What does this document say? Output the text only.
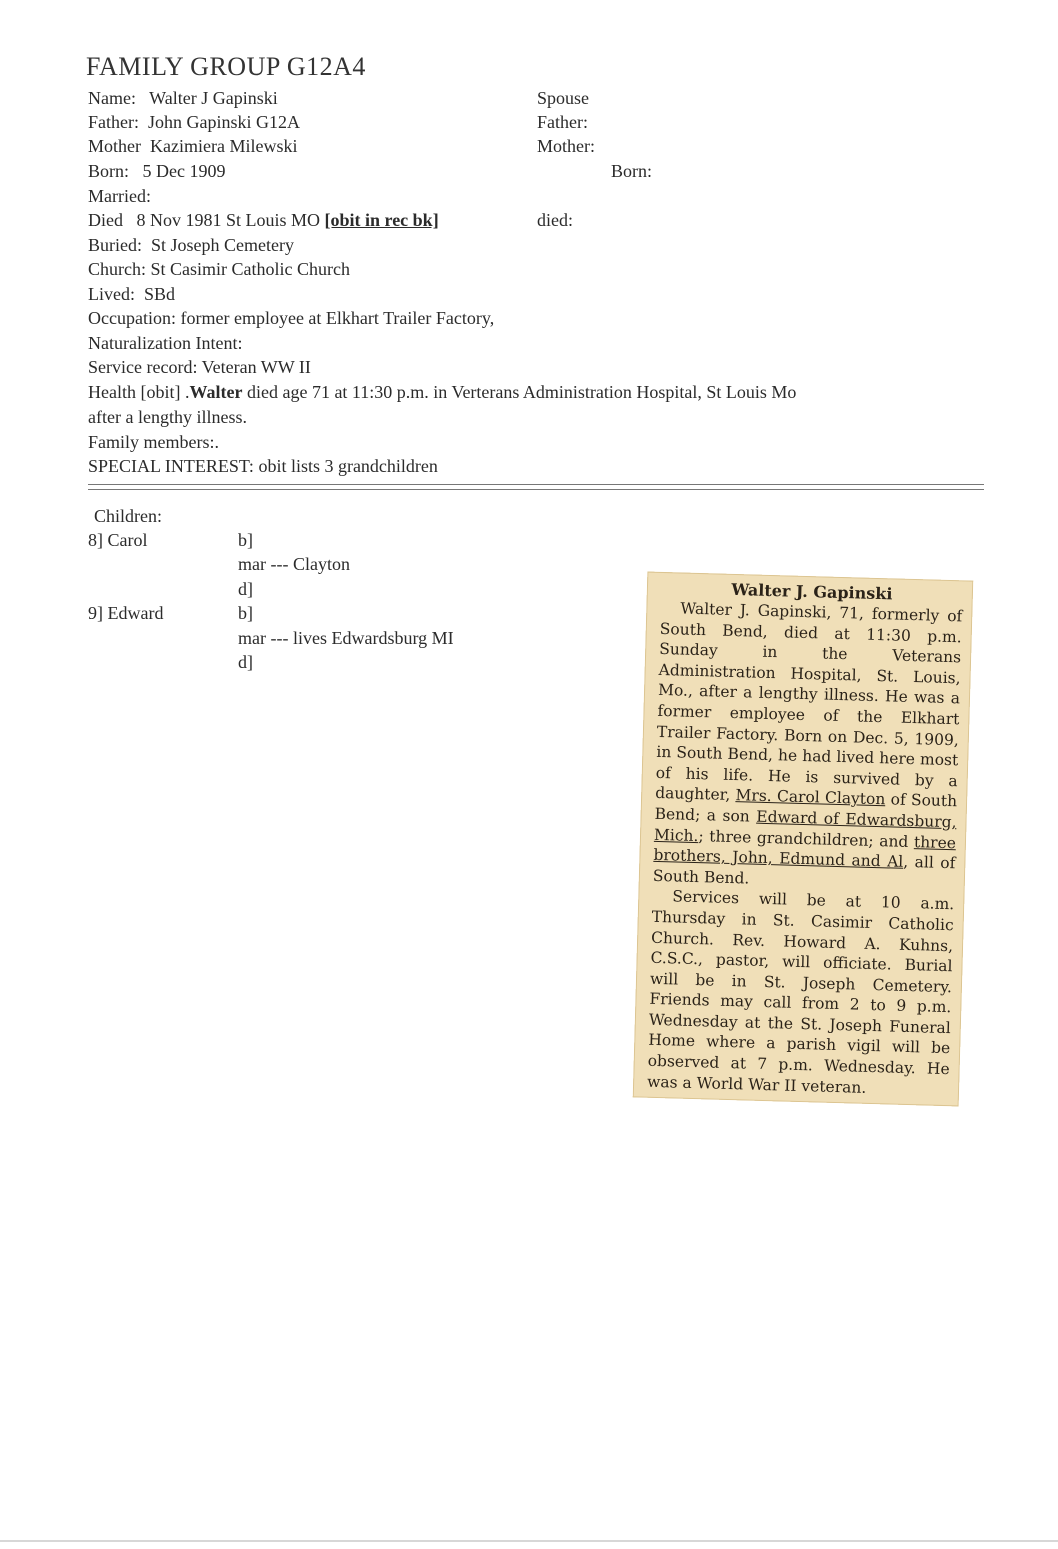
FAMILY GROUP G12A4
Name: Walter J Gapinski
Father: John Gapinski G12A
Mother Kazimiera Milewski
Born: 5 Dec 1909
Married:
Died 8 Nov 1981 St Louis MO [obit in rec bk]
Buried: St Joseph Cemetery
Church: St Casimir Catholic Church
Lived: SBd
Occupation: former employee at Elkhart Trailer Factory,
Naturalization Intent:
Service record: Veteran WW II
Health [obit] .Walter died age 71 at 11:30 p.m. in Verterans Administration Hospital, St Louis Mo
after a lengthy illness.
Family members:.
SPECIAL INTEREST: obit lists 3 grandchildren
Spouse
Father:
Mother:
Born:
died:
Children:
8] Carol	b]
mar --- Clayton
d]
9] Edward	b]
mar --- lives Edwardsburg MI
d]
Walter J. Gapinski

Walter J. Gapinski, 71, formerly of South Bend, died at 11:30 p.m. Sunday in the Veterans Administration Hospital, St. Louis, Mo., after a lengthy illness. He was a former employee of the Elkhart Trailer Factory. Born on Dec. 5, 1909, in South Bend, he had lived here most of his life. He is survived by a daughter, Mrs. Carol Clayton of South Bend; a son Edward of Edwardsburg, Mich.; three grandchildren; and three brothers, John, Edmund and Al, all of South Bend.

Services will be at 10 a.m. Thursday in St. Casimir Catholic Church. Rev. Howard A. Kuhns, C.S.C., pastor, will officiate. Burial will be in St. Joseph Cemetery. Friends may call from 2 to 9 p.m. Wednesday at the St. Joseph Funeral Home where a parish vigil will be observed at 7 p.m. Wednesday. He was a World War II veteran.
